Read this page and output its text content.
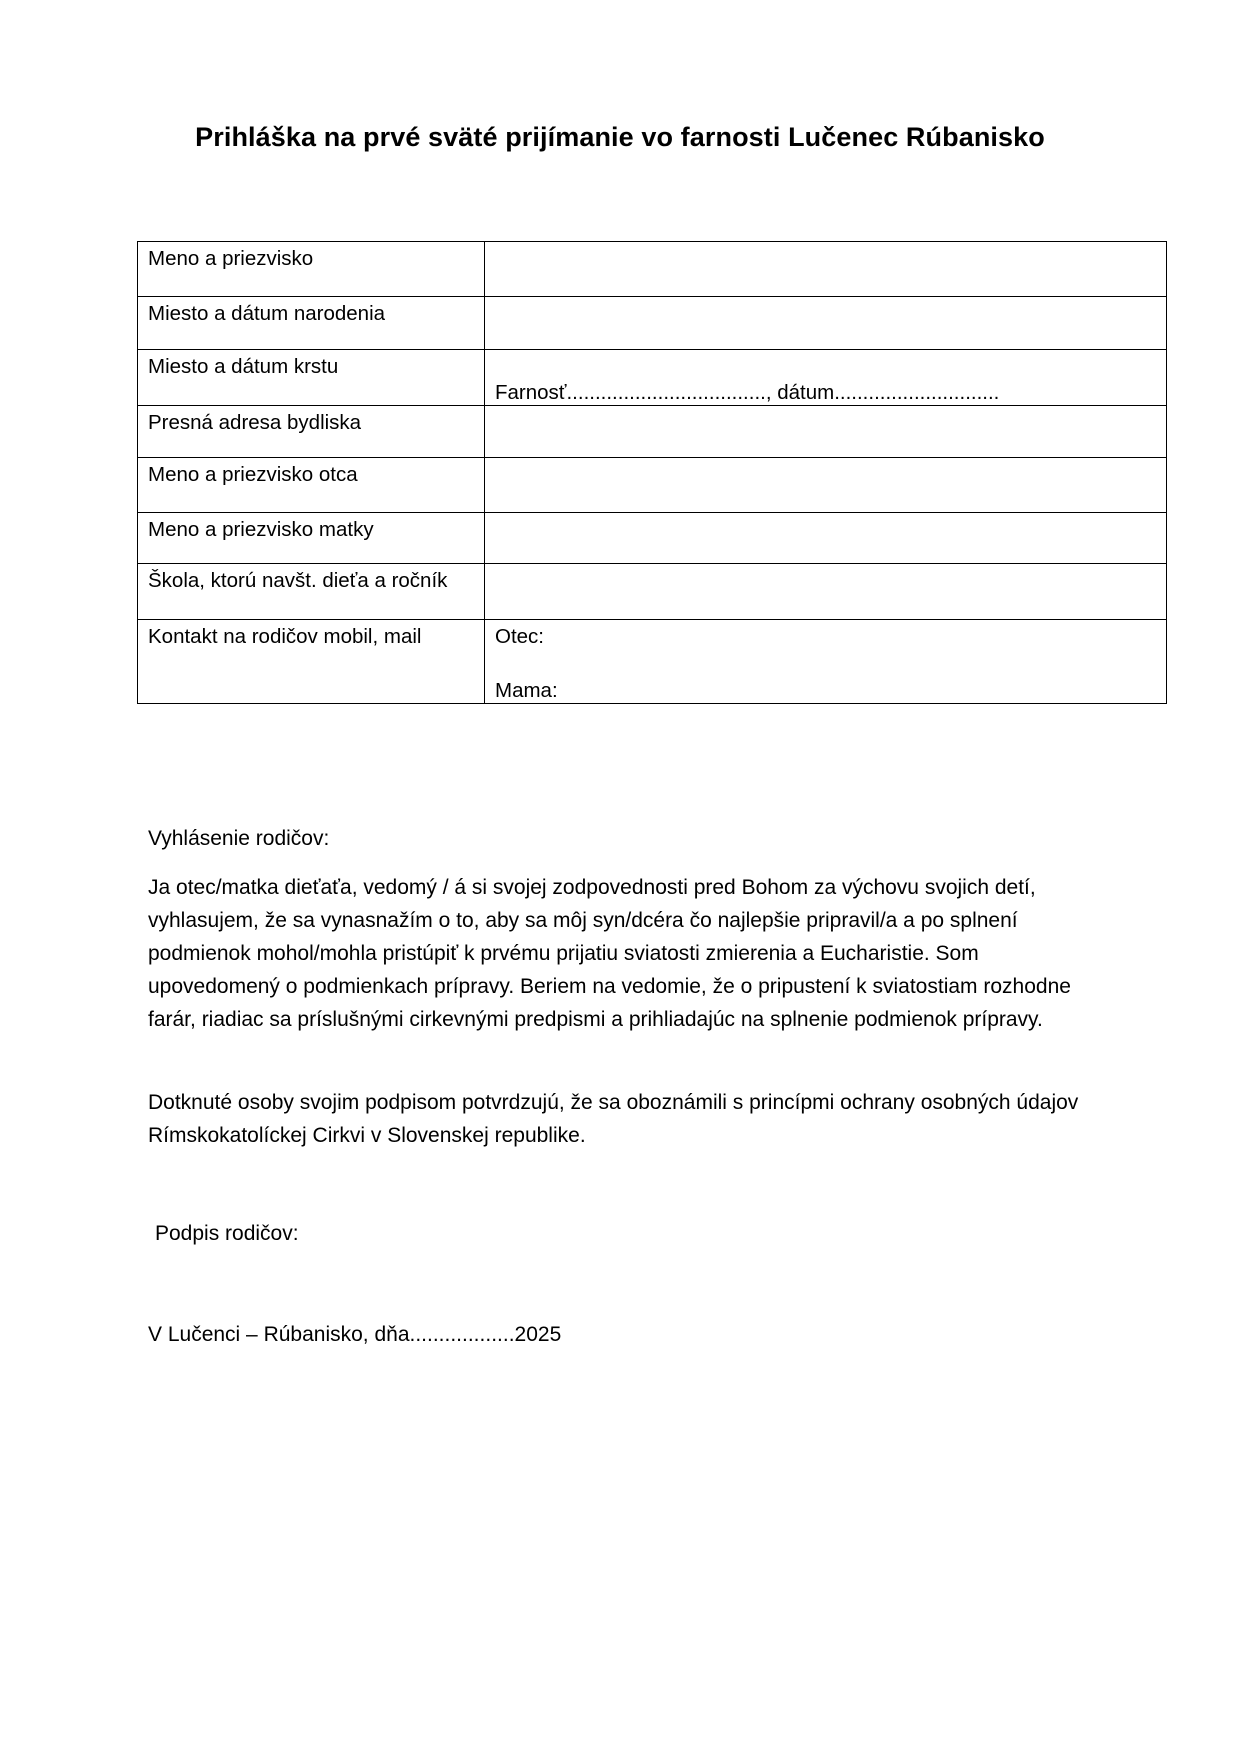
Prihláška na prvé sväté prijímanie vo farnosti Lučenec Rúbanisko
Meno a priezvisko	
Miesto a dátum narodenia	
Miesto a dátum krstu	Farnosť..................................., dátum.............................

Presná adresa bydliska	
Meno a priezvisko otca	
Meno a priezvisko matky	
Škola, ktorú navšt. dieťa a ročník	
Kontakt na rodičov mobil, mail	Otec:
Mama:

Vyhlásenie rodičov:

Ja otec/matka dieťaťa, vedomý / á si svojej zodpovednosti pred Bohom za výchovu svojich detí, vyhlasujem, že sa vynasnažím o to, aby sa môj syn/dcéra čo najlepšie pripravil/a a po splnení podmienok mohol/mohla pristúpiť k prvému prijatiu sviatosti zmierenia a Eucharistie. Som upovedomený o podmienkach prípravy. Beriem na vedomie, že o pripustení k sviatostiam rozhodne farár, riadiac sa príslušnými cirkevnými predpismi a prihliadajúc na splnenie podmienok prípravy.

Dotknuté osoby svojim podpisom potvrdzujú, že sa oboznámili s princípmi ochrany osobných údajov Rímskokatolíckej Cirkvi v Slovenskej republike.

Podpis rodičov:

V Lučenci – Rúbanisko, dňa..................2025
